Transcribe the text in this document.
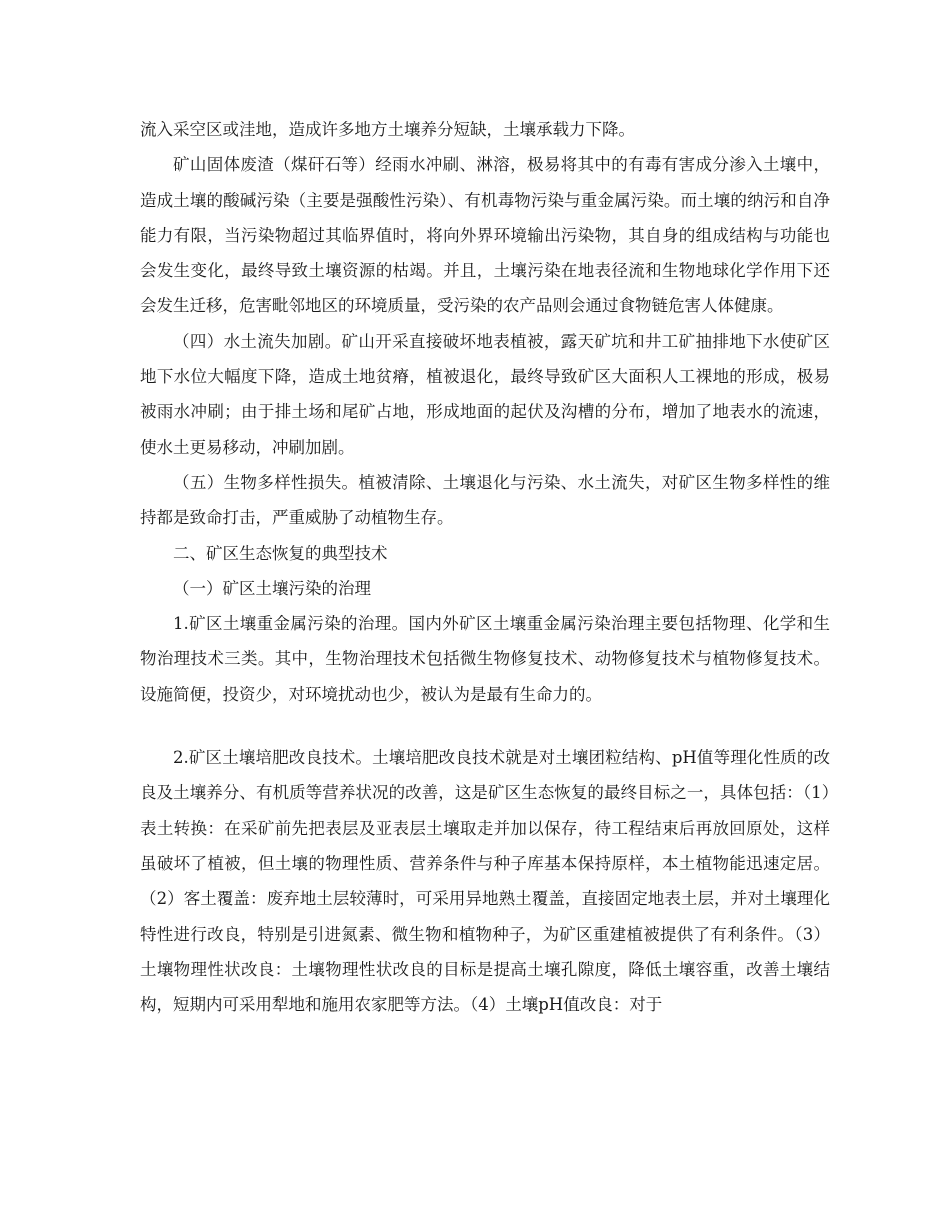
流入采空区或洼地，造成许多地方土壤养分短缺，土壤承载力下降。

矿山固体废渣（煤矸石等）经雨水冲刷、淋溶，极易将其中的有毒有害成分渗入土壤中，造成土壤的酸碱污染（主要是强酸性污染）、有机毒物污染与重金属污染。而土壤的纳污和自净能力有限，当污染物超过其临界值时，将向外界环境输出污染物，其自身的组成结构与功能也会发生变化，最终导致土壤资源的枯竭。并且，土壤污染在地表径流和生物地球化学作用下还会发生迁移，危害毗邻地区的环境质量，受污染的农产品则会通过食物链危害人体健康。

（四）水土流失加剧。矿山开采直接破坏地表植被，露天矿坑和井工矿抽排地下水使矿区地下水位大幅度下降，造成土地贫瘠，植被退化，最终导致矿区大面积人工裸地的形成，极易被雨水冲刷；由于排土场和尾矿占地，形成地面的起伏及沟槽的分布，增加了地表水的流速，使水土更易移动，冲刷加剧。

（五）生物多样性损失。植被清除、土壤退化与污染、水土流失，对矿区生物多样性的维持都是致命打击，严重威胁了动植物生存。

二、矿区生态恢复的典型技术

（一）矿区土壤污染的治理

1.矿区土壤重金属污染的治理。国内外矿区土壤重金属污染治理主要包括物理、化学和生物治理技术三类。其中，生物治理技术包括微生物修复技术、动物修复技术与植物修复技术。设施简便，投资少，对环境扰动也少，被认为是最有生命力的。

2.矿区土壤培肥改良技术。土壤培肥改良技术就是对土壤团粒结构、pH值等理化性质的改良及土壤养分、有机质等营养状况的改善，这是矿区生态恢复的最终目标之一，具体包括：（1）表土转换：在采矿前先把表层及亚表层土壤取走并加以保存，待工程结束后再放回原处，这样虽破坏了植被，但土壤的物理性质、营养条件与种子库基本保持原样，本土植物能迅速定居。（2）客土覆盖：废弃地土层较薄时，可采用异地熟土覆盖，直接固定地表土层，并对土壤理化特性进行改良，特别是引进氮素、微生物和植物种子，为矿区重建植被提供了有利条件。（3）土壤物理性状改良：土壤物理性状改良的目标是提高土壤孔隙度，降低土壤容重，改善土壤结构，短期内可采用犁地和施用农家肥等方法。（4）土壤pH值改良：对于
